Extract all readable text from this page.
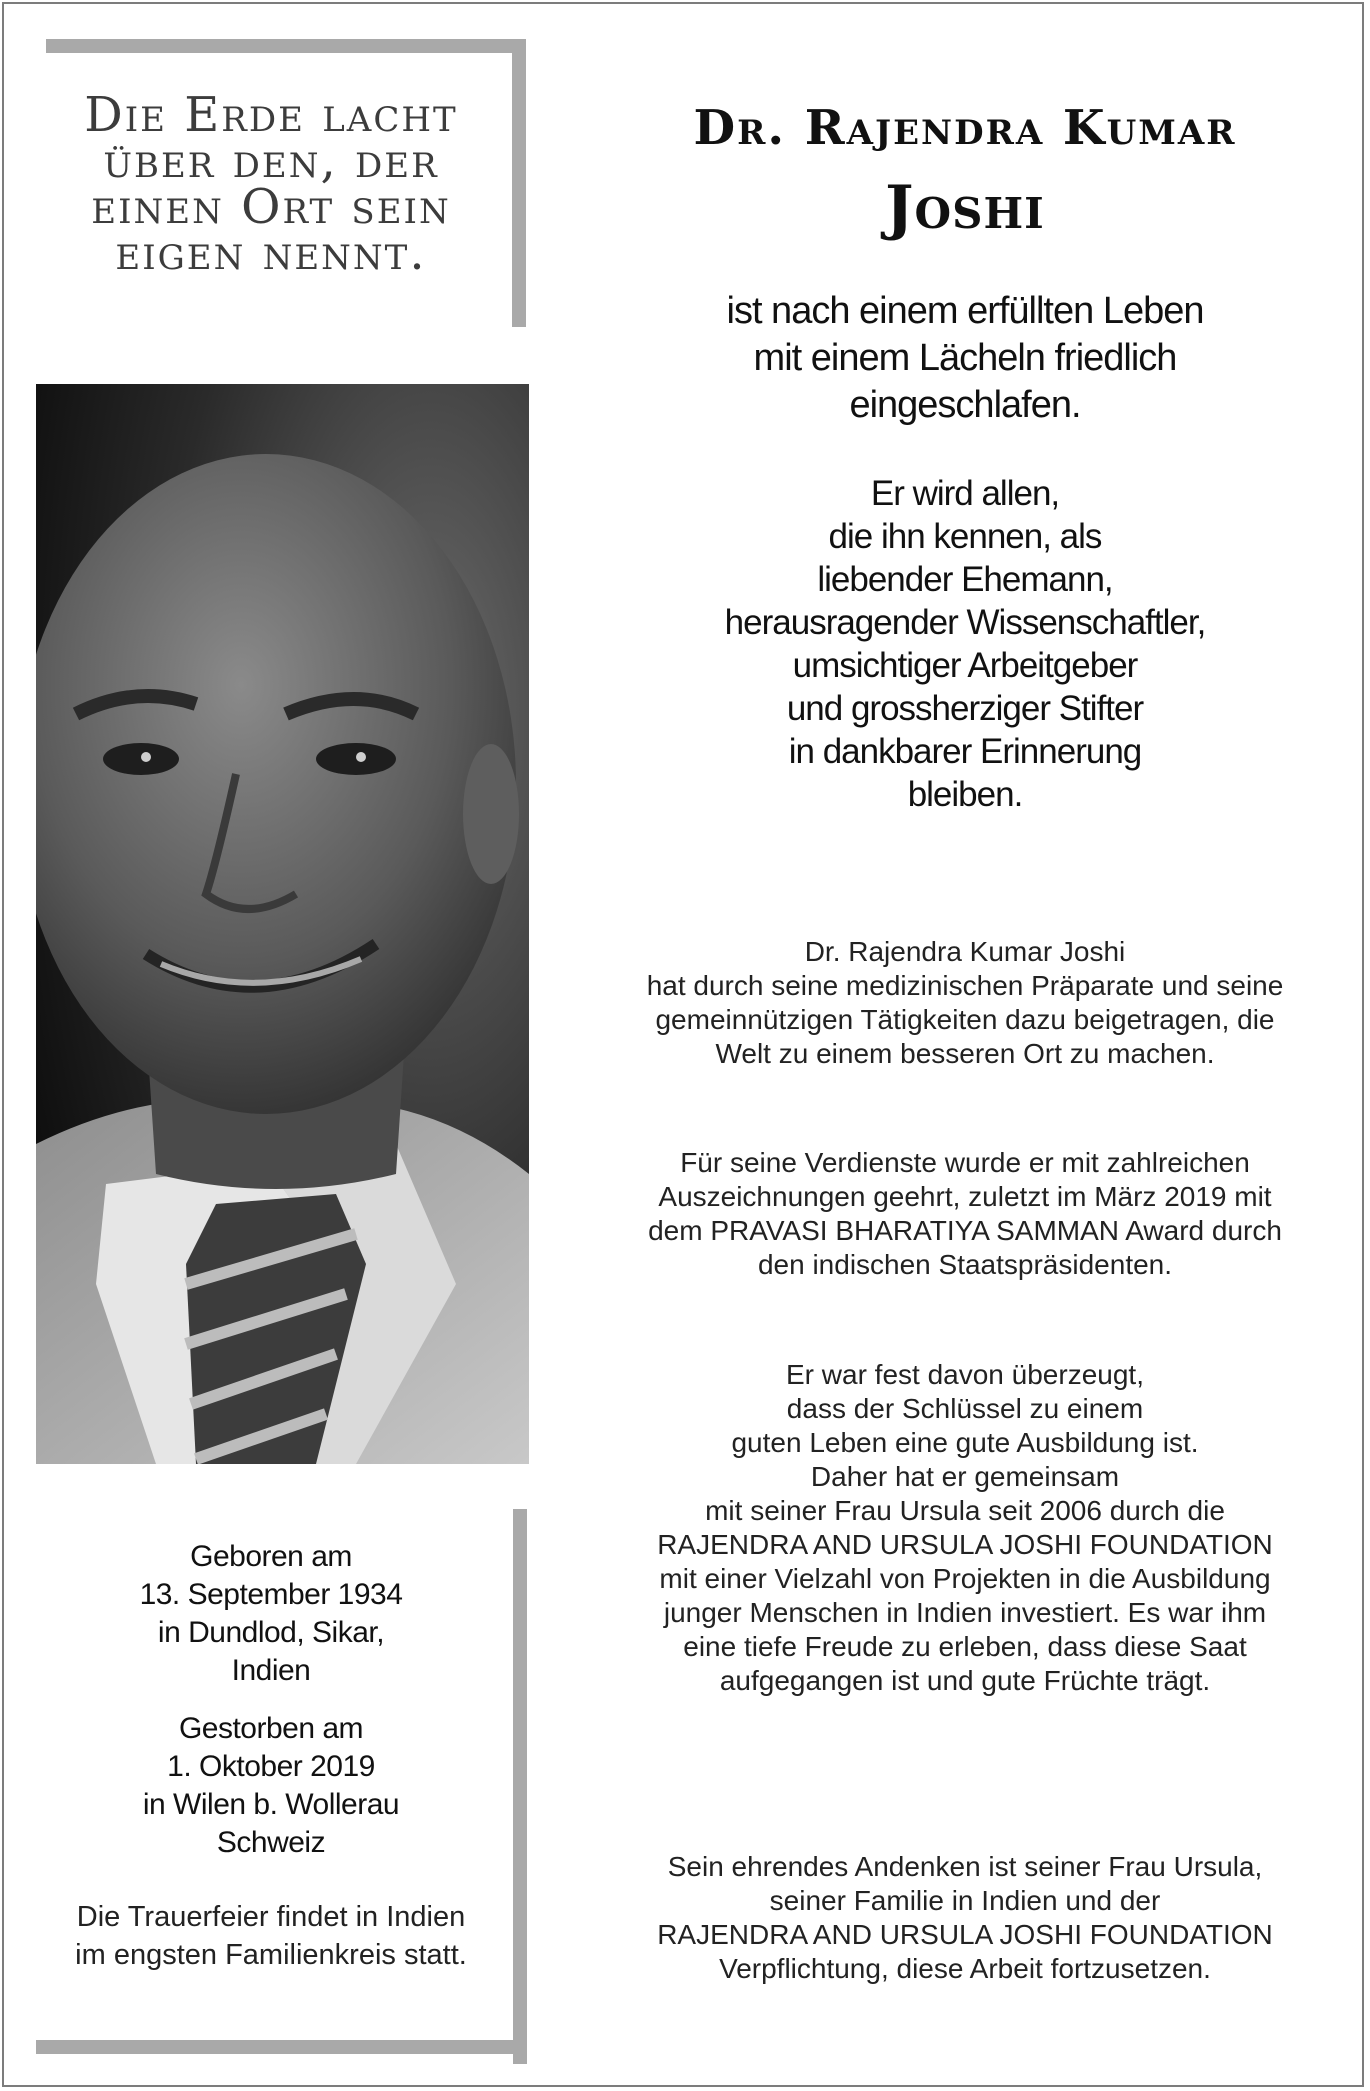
Die Erde lacht
über den, der
einen Ort sein
eigen nennt.
Geboren am
13. September 1934
in Dundlod, Sikar,
Indien
Gestorben am
1. Oktober 2019
in Wilen b. Wollerau
Schweiz
Die Trauerfeier findet in Indien
im engsten Familienkreis statt.
Dr. Rajendra Kumar
Joshi
ist nach einem erfüllten Leben
mit einem Lächeln friedlich
eingeschlafen.
Er wird allen,
die ihn kennen, als
liebender Ehemann,
herausragender Wissenschaftler,
umsichtiger Arbeitgeber
und grossherziger Stifter
in dankbarer Erinnerung
bleiben.
Dr. Rajendra Kumar Joshi
hat durch seine medizinischen Präparate und seine
gemeinnützigen Tätigkeiten dazu beigetragen, die
Welt zu einem besseren Ort zu machen.
Für seine Verdienste wurde er mit zahlreichen
Auszeichnungen geehrt, zuletzt im März 2019 mit
dem PRAVASI BHARATIYA SAMMAN Award durch
den indischen Staatspräsidenten.
Er war fest davon überzeugt,
dass der Schlüssel zu einem
guten Leben eine gute Ausbildung ist.
Daher hat er gemeinsam
mit seiner Frau Ursula seit 2006 durch die
RAJENDRA AND URSULA JOSHI FOUNDATION
mit einer Vielzahl von Projekten in die Ausbildung
junger Menschen in Indien investiert. Es war ihm
eine tiefe Freude zu erleben, dass diese Saat
aufgegangen ist und gute Früchte trägt.
Sein ehrendes Andenken ist seiner Frau Ursula,
seiner Familie in Indien und der
RAJENDRA AND URSULA JOSHI FOUNDATION
Verpflichtung, diese Arbeit fortzusetzen.
